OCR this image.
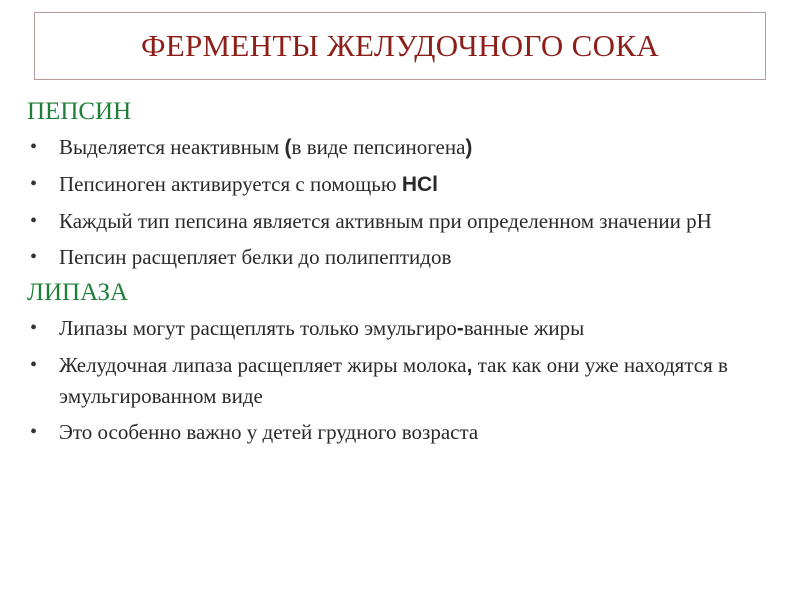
ФЕРМЕНТЫ ЖЕЛУДОЧНОГО СОКА
ПЕПСИН
• Выделяется неактивным (в виде пепсиногена)
• Пепсиноген активируется с помощью HCl
• Каждый тип пепсина является активным при определенном значении рН
• Пепсин расщепляет белки до полипептидов
ЛИПАЗА
• Липазы могут расщеплять только эмульгиро-ванные жиры
• Желудочная липаза расщепляет жиры молока, так как они уже находятся в эмульгированном виде
• Это особенно важно у детей грудного возраста
